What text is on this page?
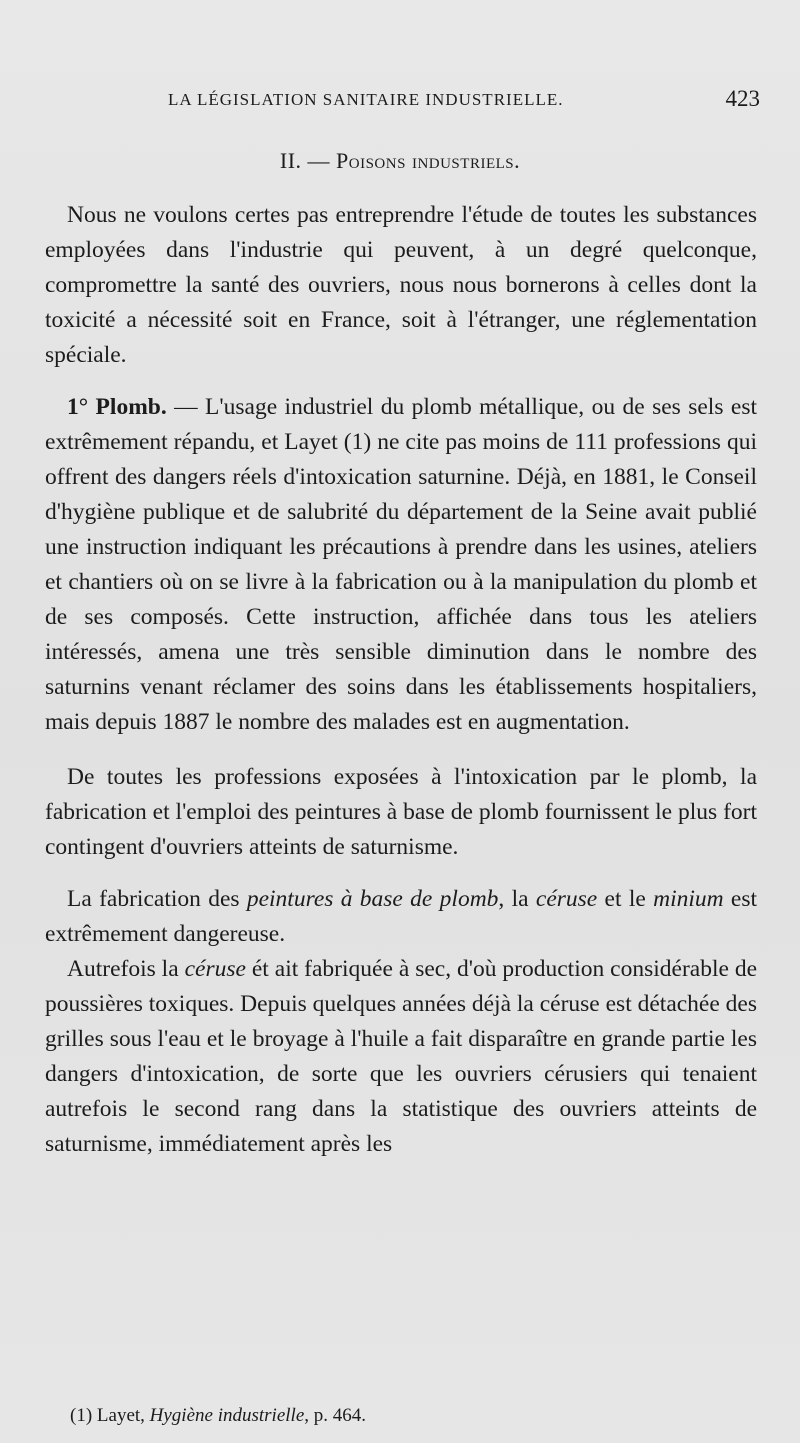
LA LÉGISLATION SANITAIRE INDUSTRIELLE.	423
II. — Poisons industriels.

Nous ne voulons certes pas entreprendre l'étude de toutes les substances employées dans l'industrie qui peuvent, à un degré quelconque, compromettre la santé des ouvriers, nous nous bornerons à celles dont la toxicité a nécessité soit en France, soit à l'étranger, une réglementation spéciale.

1° Plomb. — L'usage industriel du plomb métallique, ou de ses sels est extrêmement répandu, et Layet (1) ne cite pas moins de 111 professions qui offrent des dangers réels d'intoxication saturnine. Déjà, en 1881, le Conseil d'hygiène publique et de salubrité du département de la Seine avait publié une instruction indiquant les précautions à prendre dans les usines, ateliers et chantiers où on se livre à la fabrication ou à la manipulation du plomb et de ses composés. Cette instruction, affichée dans tous les ateliers intéressés, amena une très sensible diminution dans le nombre des saturnins venant réclamer des soins dans les établissements hospitaliers, mais depuis 1887 le nombre des malades est en augmentation.

De toutes les professions exposées à l'intoxication par le plomb, la fabrication et l'emploi des peintures à base de plomb fournissent le plus fort contingent d'ouvriers atteints de saturnisme.

La fabrication des peintures à base de plomb, la céruse et le minium est extrêmement dangereuse.

Autrefois la céruse ét ait fabriquée à sec, d'où production considérable de poussières toxiques. Depuis quelques années déjà la céruse est détachée des grilles sous l'eau et le broyage à l'huile a fait disparaître en grande partie les dangers d'intoxication, de sorte que les ouvriers cérusiers qui tenaient autrefois le second rang dans la statistique des ouvriers atteints de saturnisme, immédiatement après les

(1) Layet, Hygiène industrielle, p. 464.
